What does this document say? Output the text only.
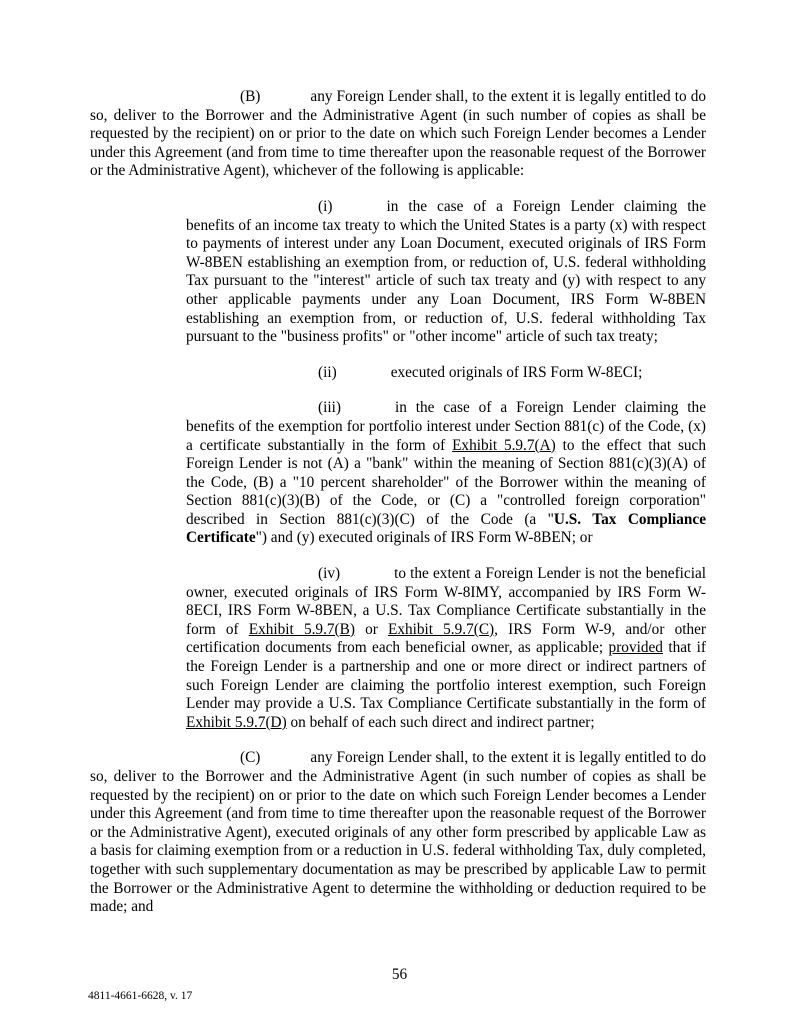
(B)	any Foreign Lender shall, to the extent it is legally entitled to do so, deliver to the Borrower and the Administrative Agent (in such number of copies as shall be requested by the recipient) on or prior to the date on which such Foreign Lender becomes a Lender under this Agreement (and from time to time thereafter upon the reasonable request of the Borrower or the Administrative Agent), whichever of the following is applicable:

(i)	in the case of a Foreign Lender claiming the benefits of an income tax treaty to which the United States is a party (x) with respect to payments of interest under any Loan Document, executed originals of IRS Form W-8BEN establishing an exemption from, or reduction of, U.S. federal withholding Tax pursuant to the "interest" article of such tax treaty and (y) with respect to any other applicable payments under any Loan Document, IRS Form W-8BEN establishing an exemption from, or reduction of, U.S. federal withholding Tax pursuant to the "business profits" or "other income" article of such tax treaty;

(ii)	executed originals of IRS Form W-8ECI;

(iii)	in the case of a Foreign Lender claiming the benefits of the exemption for portfolio interest under Section 881(c) of the Code, (x) a certificate substantially in the form of Exhibit 5.9.7(A) to the effect that such Foreign Lender is not (A) a "bank" within the meaning of Section 881(c)(3)(A) of the Code, (B) a "10 percent shareholder" of the Borrower within the meaning of Section 881(c)(3)(B) of the Code, or (C) a "controlled foreign corporation" described in Section 881(c)(3)(C) of the Code (a "U.S. Tax Compliance Certificate") and (y) executed originals of IRS Form W-8BEN; or

(iv)	to the extent a Foreign Lender is not the beneficial owner, executed originals of IRS Form W-8IMY, accompanied by IRS Form W-8ECI, IRS Form W-8BEN, a U.S. Tax Compliance Certificate substantially in the form of Exhibit 5.9.7(B) or Exhibit 5.9.7(C), IRS Form W-9, and/or other certification documents from each beneficial owner, as applicable; provided that if the Foreign Lender is a partnership and one or more direct or indirect partners of such Foreign Lender are claiming the portfolio interest exemption, such Foreign Lender may provide a U.S. Tax Compliance Certificate substantially in the form of Exhibit 5.9.7(D) on behalf of each such direct and indirect partner;

(C)	any Foreign Lender shall, to the extent it is legally entitled to do so, deliver to the Borrower and the Administrative Agent (in such number of copies as shall be requested by the recipient) on or prior to the date on which such Foreign Lender becomes a Lender under this Agreement (and from time to time thereafter upon the reasonable request of the Borrower or the Administrative Agent), executed originals of any other form prescribed by applicable Law as a basis for claiming exemption from or a reduction in U.S. federal withholding Tax, duly completed, together with such supplementary documentation as may be prescribed by applicable Law to permit the Borrower or the Administrative Agent to determine the withholding or deduction required to be made; and

56
4811-4661-6628, v. 17
